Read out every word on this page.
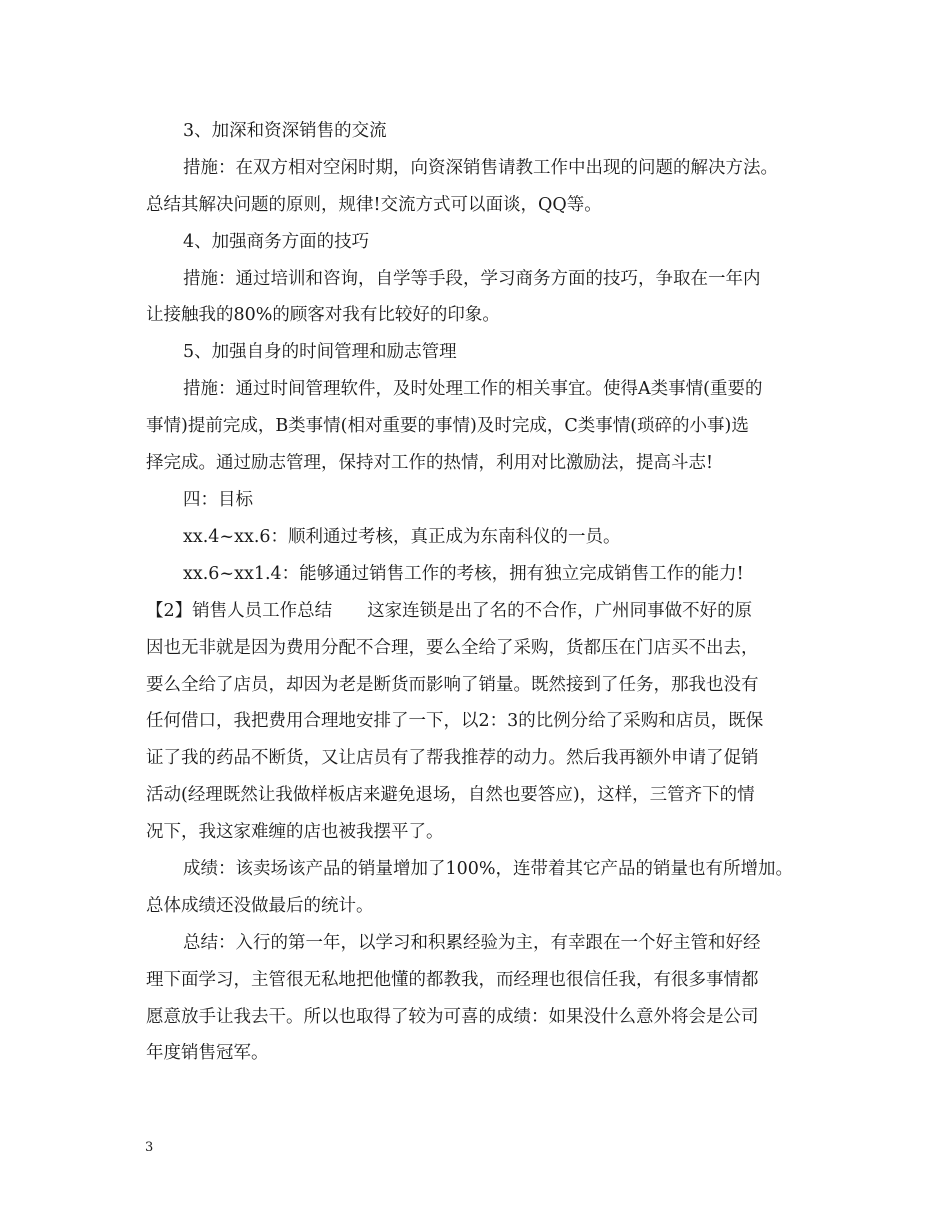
3、加深和资深销售的交流
措施：在双方相对空闲时期，向资深销售请教工作中出现的问题的解决方法。
总结其解决问题的原则，规律!交流方式可以面谈，QQ等。
4、加强商务方面的技巧
措施：通过培训和咨询，自学等手段，学习商务方面的技巧，争取在一年内
让接触我的80%的顾客对我有比较好的印象。
5、加强自身的时间管理和励志管理
措施：通过时间管理软件，及时处理工作的相关事宜。使得A类事情(重要的
事情)提前完成，B类事情(相对重要的事情)及时完成，C类事情(琐碎的小事)选
择完成。通过励志管理，保持对工作的热情，利用对比激励法，提高斗志!
四：目标
xx.4~xx.6：顺利通过考核，真正成为东南科仪的一员。
xx.6~xx1.4：能够通过销售工作的考核，拥有独立完成销售工作的能力!
【2】销售人员工作总结　　这家连锁是出了名的不合作，广州同事做不好的原
因也无非就是因为费用分配不合理，要么全给了采购，货都压在门店买不出去，
要么全给了店员，却因为老是断货而影响了销量。既然接到了任务，那我也没有
任何借口，我把费用合理地安排了一下，以2：3的比例分给了采购和店员，既保
证了我的药品不断货，又让店员有了帮我推荐的动力。然后我再额外申请了促销
活动(经理既然让我做样板店来避免退场，自然也要答应)，这样，三管齐下的情
况下，我这家难缠的店也被我摆平了。
成绩：该卖场该产品的销量增加了100%，连带着其它产品的销量也有所增加。
总体成绩还没做最后的统计。
总结：入行的第一年，以学习和积累经验为主，有幸跟在一个好主管和好经
理下面学习，主管很无私地把他懂的都教我，而经理也很信任我，有很多事情都
愿意放手让我去干。所以也取得了较为可喜的成绩：如果没什么意外将会是公司
年度销售冠军。
3
